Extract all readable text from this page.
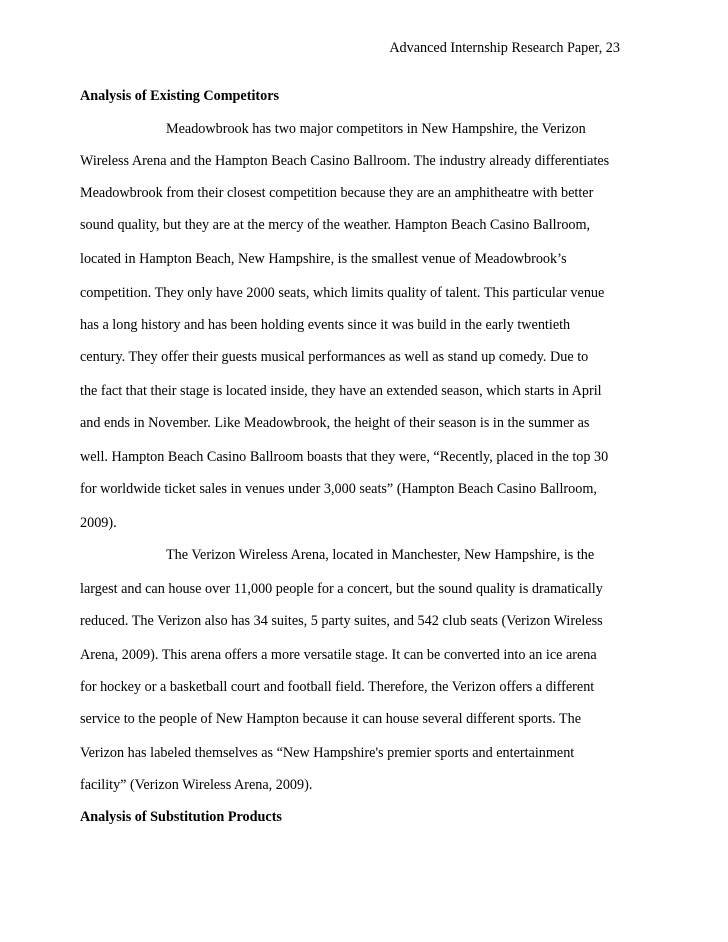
Advanced Internship Research Paper, 23
Analysis of Existing Competitors
Meadowbrook has two major competitors in New Hampshire, the Verizon
Wireless Arena and the Hampton Beach Casino Ballroom. The industry already differentiates
Meadowbrook from their closest competition because they are an amphitheatre with better
sound quality, but they are at the mercy of the weather. Hampton Beach Casino Ballroom,
located in Hampton Beach, New Hampshire, is the smallest venue of Meadowbrook’s
competition. They only have 2000 seats, which limits quality of talent. This particular venue
has a long history and has been holding events since it was build in the early twentieth
century. They offer their guests musical performances as well as stand up comedy. Due to
the fact that their stage is located inside, they have an extended season, which starts in April
and ends in November. Like Meadowbrook, the height of their season is in the summer as
well. Hampton Beach Casino Ballroom boasts that they were, “Recently, placed in the top 30
for worldwide ticket sales in venues under 3,000 seats” (Hampton Beach Casino Ballroom,
2009).
The Verizon Wireless Arena, located in Manchester, New Hampshire, is the
largest and can house over 11,000 people for a concert, but the sound quality is dramatically
reduced. The Verizon also has 34 suites, 5 party suites, and 542 club seats (Verizon Wireless
Arena, 2009). This arena offers a more versatile stage. It can be converted into an ice arena
for hockey or a basketball court and football field. Therefore, the Verizon offers a different
service to the people of New Hampton because it can house several different sports. The
Verizon has labeled themselves as “New Hampshire's premier sports and entertainment
facility” (Verizon Wireless Arena, 2009).
Analysis of Substitution Products
